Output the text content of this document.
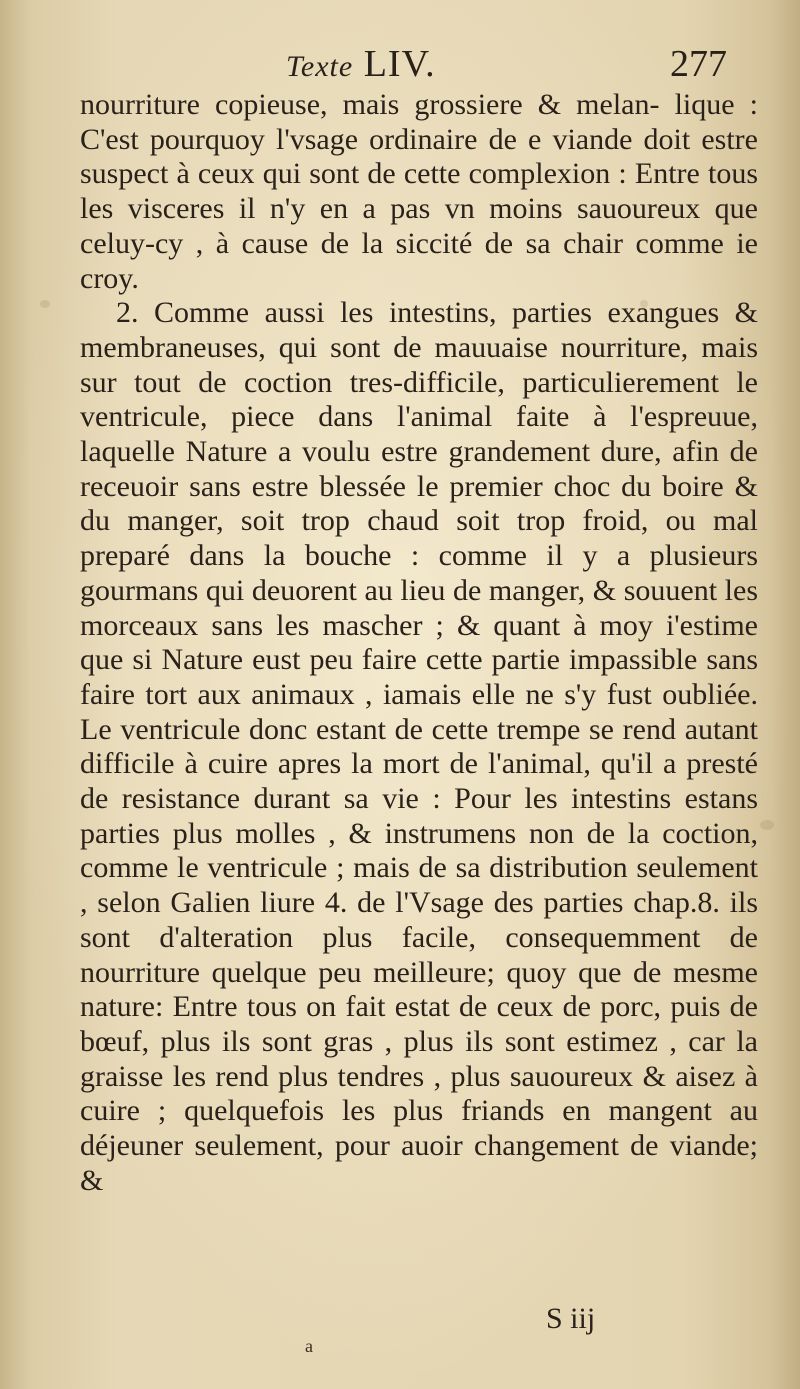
Texte LIV.	277

nourriture copieuse, mais grossiere & melan- lique : C'est pourquoy l'vsage ordinaire de e viande doit estre suspect à ceux qui sont de cette complexion : Entre tous les visceres il n'y en a pas vn moins sauoureux que celuy-cy , à cause de la siccité de sa chair comme ie croy.

2. Comme aussi les intestins, parties exangues & membraneuses, qui sont de mauuaise nourriture, mais sur tout de coction tres-difficile, particulierement le ventricule, piece dans l'animal faite à l'espreuue, laquelle Nature a voulu estre grandement dure, afin de receuoir sans estre blessée le premier choc du boire & du manger, soit trop chaud soit trop froid, ou mal preparé dans la bouche : comme il y a plusieurs gourmans qui deuorent au lieu de manger, & souuent les morceaux sans les mascher ; & quant à moy i'estime que si Nature eust peu faire cette partie impassible sans faire tort aux animaux , iamais elle ne s'y fust oubliée. Le ventricule donc estant de cette trempe se rend autant difficile à cuire apres la mort de l'animal, qu'il a presté de resistance durant sa vie : Pour les intestins estans parties plus molles , & instrumens non de la coction, comme le ventricule ; mais de sa distribution seulement , selon Galien liure 4. de l'Vsage des parties chap.8. ils sont d'alteration plus facile, consequemment de nourriture quelque peu meilleure; quoy que de mesme nature: Entre tous on fait estat de ceux de porc, puis de bœuf, plus ils sont gras , plus ils sont estimez , car la graisse les rend plus tendres , plus sauoureux & aisez à cuire ; quelquefois les plus friands en mangent au déjeuner seulement, pour auoir changement de viande; &

S iij
a
